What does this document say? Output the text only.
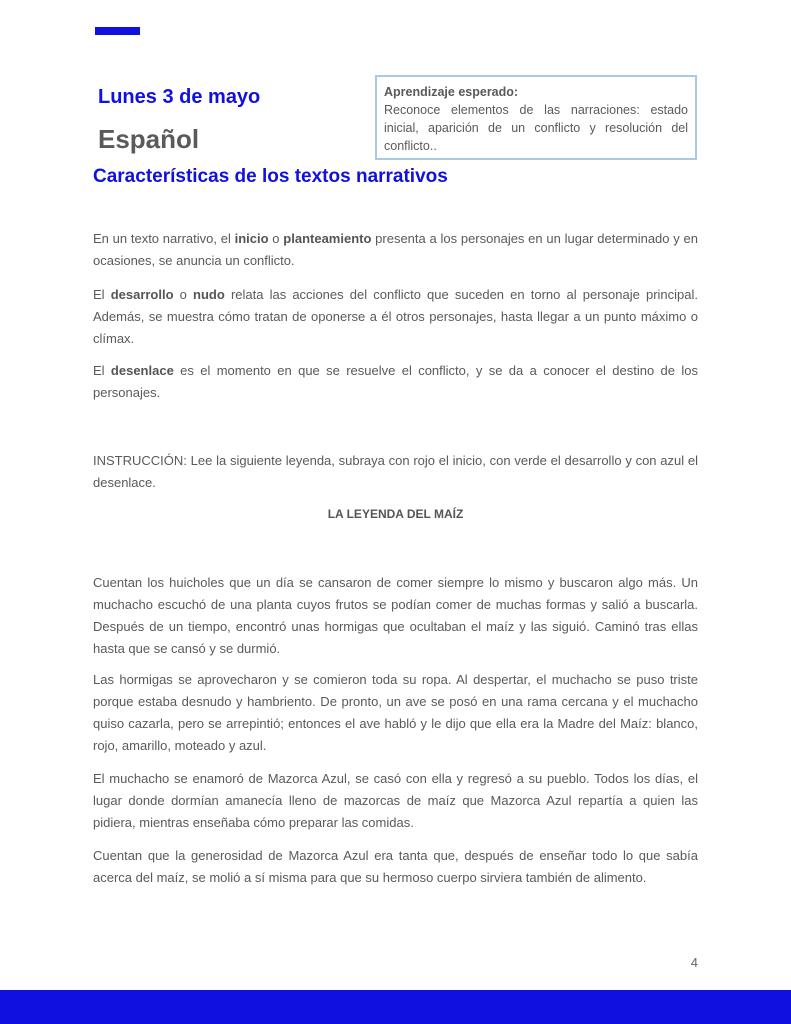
Lunes 3 de mayo
Español
Aprendizaje esperado:
Reconoce elementos de las narraciones: estado inicial, aparición de un conflicto y resolución del conflicto..
Características de los textos narrativos

En un texto narrativo, el inicio o planteamiento presenta a los personajes en un lugar determinado y en ocasiones, se anuncia un conflicto.

El desarrollo o nudo relata las acciones del conflicto que suceden en torno al personaje principal. Además, se muestra cómo tratan de oponerse a él otros personajes, hasta llegar a un punto máximo o clímax.

El desenlace es el momento en que se resuelve el conflicto, y se da a conocer el destino de los personajes.

INSTRUCCIÓN: Lee la siguiente leyenda, subraya con rojo el inicio, con verde el desarrollo y con azul el desenlace.

LA LEYENDA DEL MAÍZ

Cuentan los huicholes que un día se cansaron de comer siempre lo mismo y buscaron algo más. Un muchacho escuchó de una planta cuyos frutos se podían comer de muchas formas y salió a buscarla. Después de un tiempo, encontró unas hormigas que ocultaban el maíz y las siguió. Caminó tras ellas hasta que se cansó y se durmió.

Las hormigas se aprovecharon y se comieron toda su ropa. Al despertar, el muchacho se puso triste porque estaba desnudo y hambriento. De pronto, un ave se posó en una rama cercana y el muchacho quiso cazarla, pero se arrepintió; entonces el ave habló y le dijo que ella era la Madre del Maíz: blanco, rojo, amarillo, moteado y azul.

El muchacho se enamoró de Mazorca Azul, se casó con ella y regresó a su pueblo. Todos los días, el lugar donde dormían amanecía lleno de mazorcas de maíz que Mazorca Azul repartía a quien las pidiera, mientras enseñaba cómo preparar las comidas.

Cuentan que la generosidad de Mazorca Azul era tanta que, después de enseñar todo lo que sabía acerca del maíz, se molió a sí misma para que su hermoso cuerpo sirviera también de alimento.

4
